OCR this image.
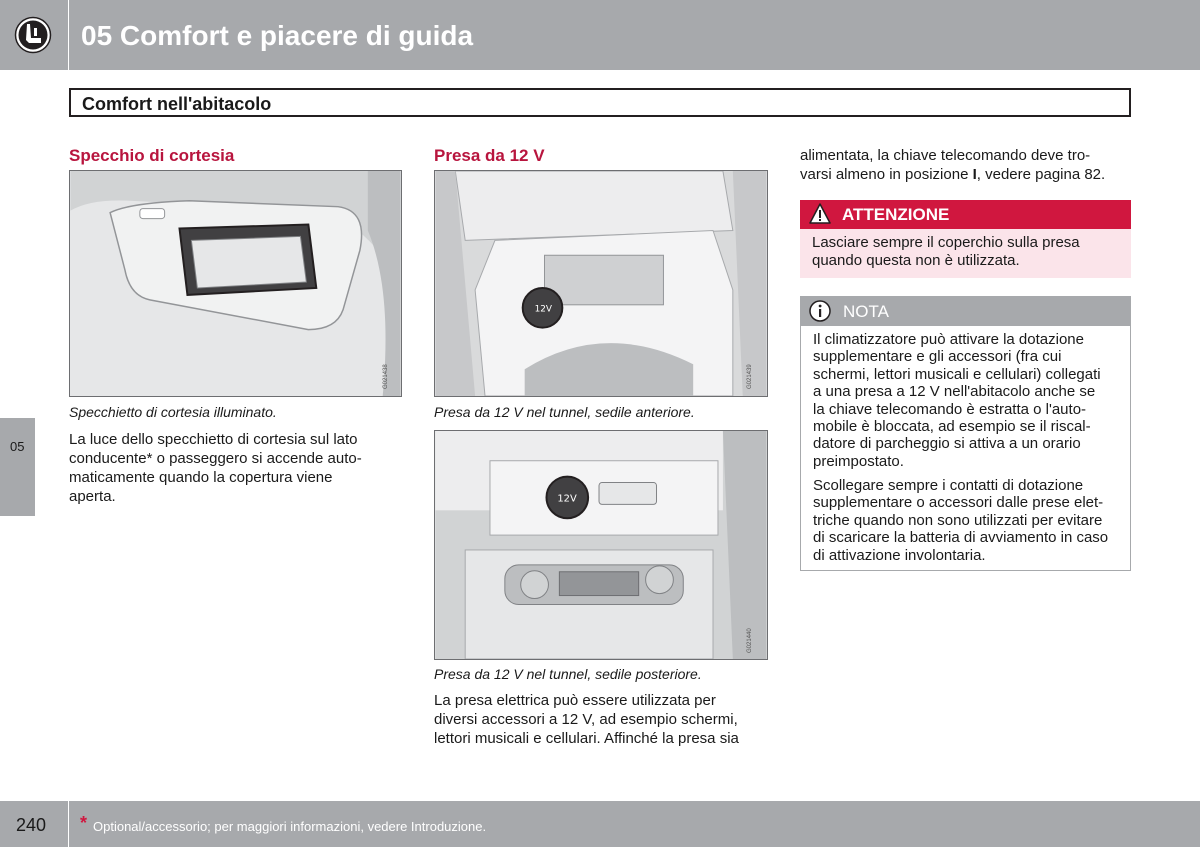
05 Comfort e piacere di guida
Comfort nell'abitacolo
05
Specchio di cortesia
G021438
Specchietto di cortesia illuminato.
La luce dello specchietto di cortesia sul lato
conducente* o passeggero si accende auto-
maticamente quando la copertura viene
aperta.
Presa da 12 V
12V
G021439
Presa da 12 V nel tunnel, sedile anteriore.
12V
G021440
Presa da 12 V nel tunnel, sedile posteriore.
La presa elettrica può essere utilizzata per
diversi accessori a 12 V, ad esempio schermi,
lettori musicali e cellulari. Affinché la presa sia
alimentata, la chiave telecomando deve tro-
varsi almeno in posizione I, vedere pagina 82.
ATTENZIONE
Lasciare sempre il coperchio sulla presa
quando questa non è utilizzata.
NOTA
Il climatizzatore può attivare la dotazione
supplementare e gli accessori (fra cui
schermi, lettori musicali e cellulari) collegati
a una presa a 12 V nell'abitacolo anche se
la chiave telecomando è estratta o l'auto-
mobile è bloccata, ad esempio se il riscal-
datore di parcheggio si attiva a un orario
preimpostato.
Scollegare sempre i contatti di dotazione
supplementare o accessori dalle prese elet-
triche quando non sono utilizzati per evitare
di scaricare la batteria di avviamento in caso
di attivazione involontaria.
240 * Optional/accessorio; per maggiori informazioni, vedere Introduzione.
